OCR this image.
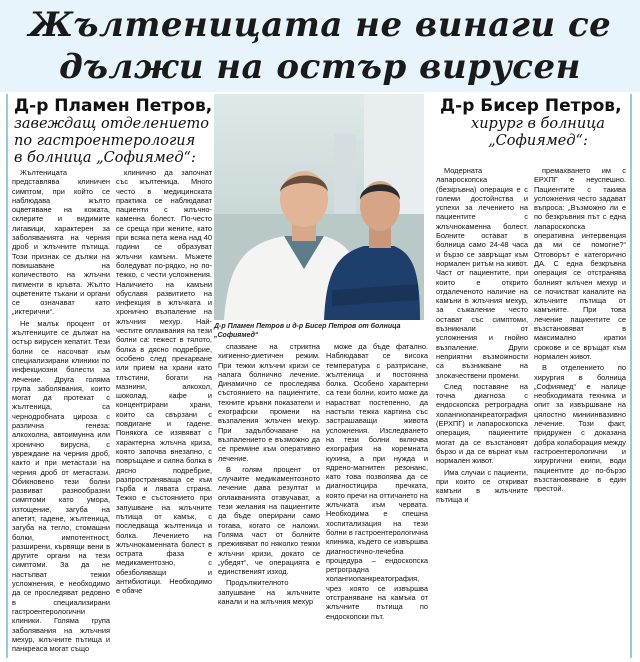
Жълтеницата не винаги се
дължи на остър вирусен
Д-р Пламен Петров,
завеждащ отделението
по гастроентерология
в болница „Софиямед“:
Д-р Бисер Петров,
хирург в болница
„Софиямед“:
Д-р Пламен Петров и д-р Бисер Петров от болница „Софиямед“

Жълтеницата представлява клиничен симптом, при който се наблюдава жълто оцветяване на кожата, склерите и видимите лигавици, характерен за заболяванията на черния дроб и жлъчните пътища. Този признак се дължи на повишаване на количеството на жлъчни пигменти в кръвта. Жълто оцветените тъкани и органи се означават като „иктерични“.

Не малък процент от жълтениците се дължат на остър вирусен хепатит. Тези болни се насочват към специализирани клиники по инфекциозни болести за лечение. Друга голяма група заболявания, които могат да протекат с жълтеница, са чернодробната цироза с различна генеза: алкохолна, автоимунна или хронично вирусна, с увреждане на черния дроб, както и при метастази на черния дроб от метастази. Обикновено тези болни развиват разнообразни симптоми като умора, изтощение, загуба на апетит, гадене, жълтеница, загуба на тегло, стомашни болки, импотентност, разширени, кървящи вени в другите органи на тези симптоми. За да не настъпват тежки усложнения, е необходимо да се проследяват редовно в специализирани гастроентерологични клиники. Голяма група заболявания на жлъчния мехур, жлъчните пътища и панкреаса могат също

клинично да започнат със жълтеница. Много често в медицинската практика се наблюдават пациенти с жлъчно-каменна болест. По-често се среща при жените, като при всяка пета жена над 40 години се образуват жлъчни камъни. Мъжете боледуват по-рядко, но по-тежко, с чести усложнения. Наличието на камъни обуславя развитието на инфекция в жлъчката и хронично възпаление на жлъчния мехур. Най-честите оплаквания на тези болни са: тежест в тялото, болка в дясно подребрие, особено след прекарване или прием на храни като тлъстини, богати на мазнини, алкохол, шоколад, кафе и концентрирани храни, които са свързани с повдигане и гадене. Понякога се изявяват с характерна жлъчна криза, която започва внезапно, с повръщане и силна болка в дясно подребрие, разпространяваща се към гърба и лявата страна. Тежко е състоянието при запушване на жлъчните пътища от камък, с последваща жълтеница и болка. Лечението на жлъчнокаменната болест в острата фаза е медикаментозно, с обезболяващи и антибиотици. Необходимо е обаче

спазване на стриктна хигиенно-диетичен режим. При тежки жлъчни кризи се налага болнично лечение. Динамично се проследява състоянието на пациентите, техните кръвни показатели и ехографски промени на възпаления жлъчен мехур. При задълбочаване на възпалението е възможно да се премине към оперативно лечение.

В голям процент от случаите медикаментозното лечение дава резултат и оплакванията отзвучават, а тези желания на пациентите да бъде оперирани само тогава, когато се наложи. Голяма част от болните преживяват по няколко тежки жлъчни кризи, докато се „убедят“, че операцията е единственият изход.

Продължителното запушване на жлъчните канали и на жлъчния мехур

може да бъде фатално. Наблюдават се висока температура с разтрисане, жълтеница и постоянна болка. Особено характерни са тези болни, които може да нарастват постепенно, да настъпи тежка картина със застрашаващи живота усложнения. Изследването на тези болни включва ехография на коремната кухина, а при нужда и ядрено-магнитен резонанс, като това позволява да се диагностицира пречката, която пречи на оттичането на жлъчката към червата. Необходима е спешна хоспитализация на тези болни в гастроентерологична клиника, където се извършва диагностично-лечебна процедура – ендоскопска ретроградна холангиопанкреатография, чрез която се извършва отстраняване на камъка от жлъчните пътища по ендоскопски път.

Модерната лапароскопска (безкръвна) операция е с големи достойнства и успехи за лечението на пациентите с жлъчнокаменна болест. Болните остават в болница само 24-48 часа и бързо се завръщат към нормален ритъм на живот. Част от пациентите, при които е открито отдалеченото наличие на камъни в жлъчния мехур, за съжаление често остават със симптоми, възникнали от усложнения и гнойно възпаление. Други неприятни възможности са възникване на злокачествени промени.

След поставяне на точна диагноза с ендоскопска ретроградна холангиопанкреатография (ЕРХПГ) и лапароскопска операция, пациентите могат да се възстановят бързо и да се върнат към нормален живот.

Има случаи с пациенти, при които се откриват камъни в жлъчните пътища и

премахването им с ЕРХПГ е неуспешно. Пациентите с такива усложнения често задават въпроса: „Възможно ли е по безкръвния път с една лапароскопска оперативна интервенция да ми се помогне?“ Отговорът е категорично ДА. С една безкръвна операция се отстранява болният жлъчен мехур и се почистват каналите на жлъчните пътища от камъните. При това лечение пациентите се възстановяват в максимално кратки срокове и се връщат към нормален живот.

В отделението по хирургия в болница „Софиямед“ е налице необходимата техника и опит за извършване на цялостно миниинвазивно лечение. Този факт, придружен с доказана добра колаборация между гастроентерологични и хирургични екипи, води пациентите до по-бързо възстановяване в един престой.
